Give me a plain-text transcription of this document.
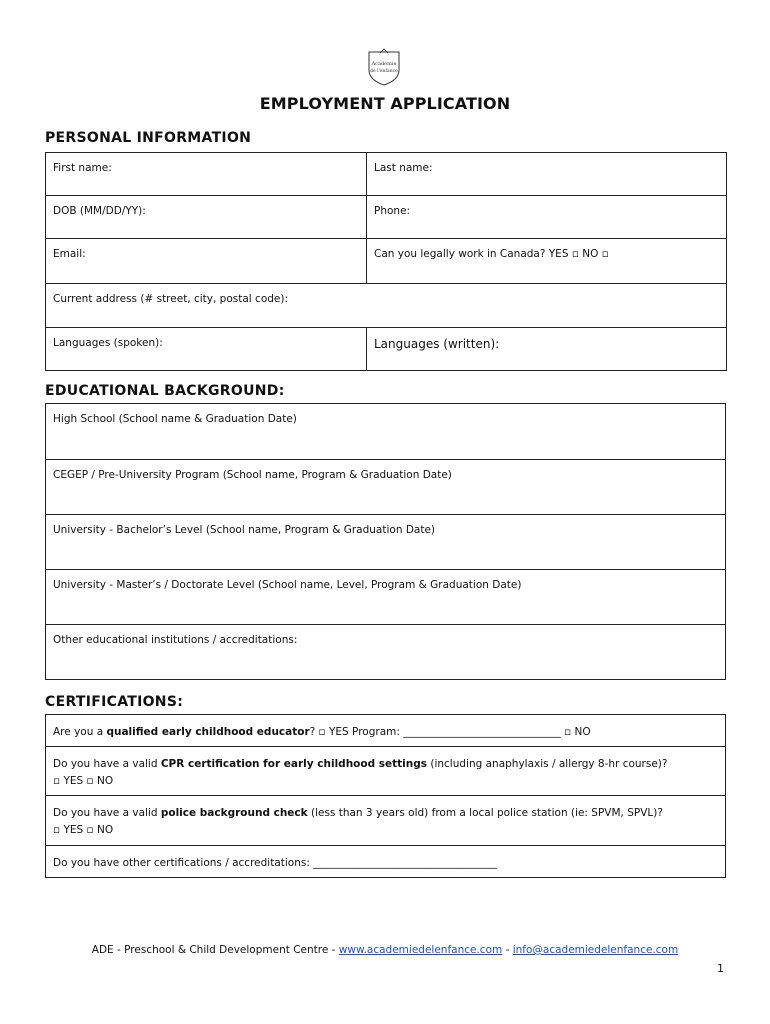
Académie
de l'enfance
EMPLOYMENT APPLICATION
PERSONAL INFORMATION
First name:	Last name:
DOB (MM/DD/YY):	Phone:
Email:	Can you legally work in Canada? YES ▫ NO ▫
Current address (# street, city, postal code):	
Languages (spoken):	Languages (written):
EDUCATIONAL BACKGROUND:
High School (School name & Graduation Date)
CEGEP / Pre-University Program (School name, Program & Graduation Date)
University - Bachelor’s Level (School name, Program & Graduation Date)
University - Master’s / Doctorate Level (School name, Level, Program & Graduation Date)
Other educational institutions / accreditations:
CERTIFICATIONS:
Are you a qualified early childhood educator? ▫ YES Program: ______________________________ ▫ NO
Do you have a valid CPR certification for early childhood settings (including anaphylaxis / allergy 8-hr course)?
▫ YES ▫ NO
Do you have a valid police background check (less than 3 years old) from a local police station (ie: SPVM, SPVL)?
▫ YES ▫ NO
Do you have other certifications / accreditations: ___________________________________
ADE - Preschool & Child Development Centre - www.academiedelenfance.com - info@academiedelenfance.com
1
